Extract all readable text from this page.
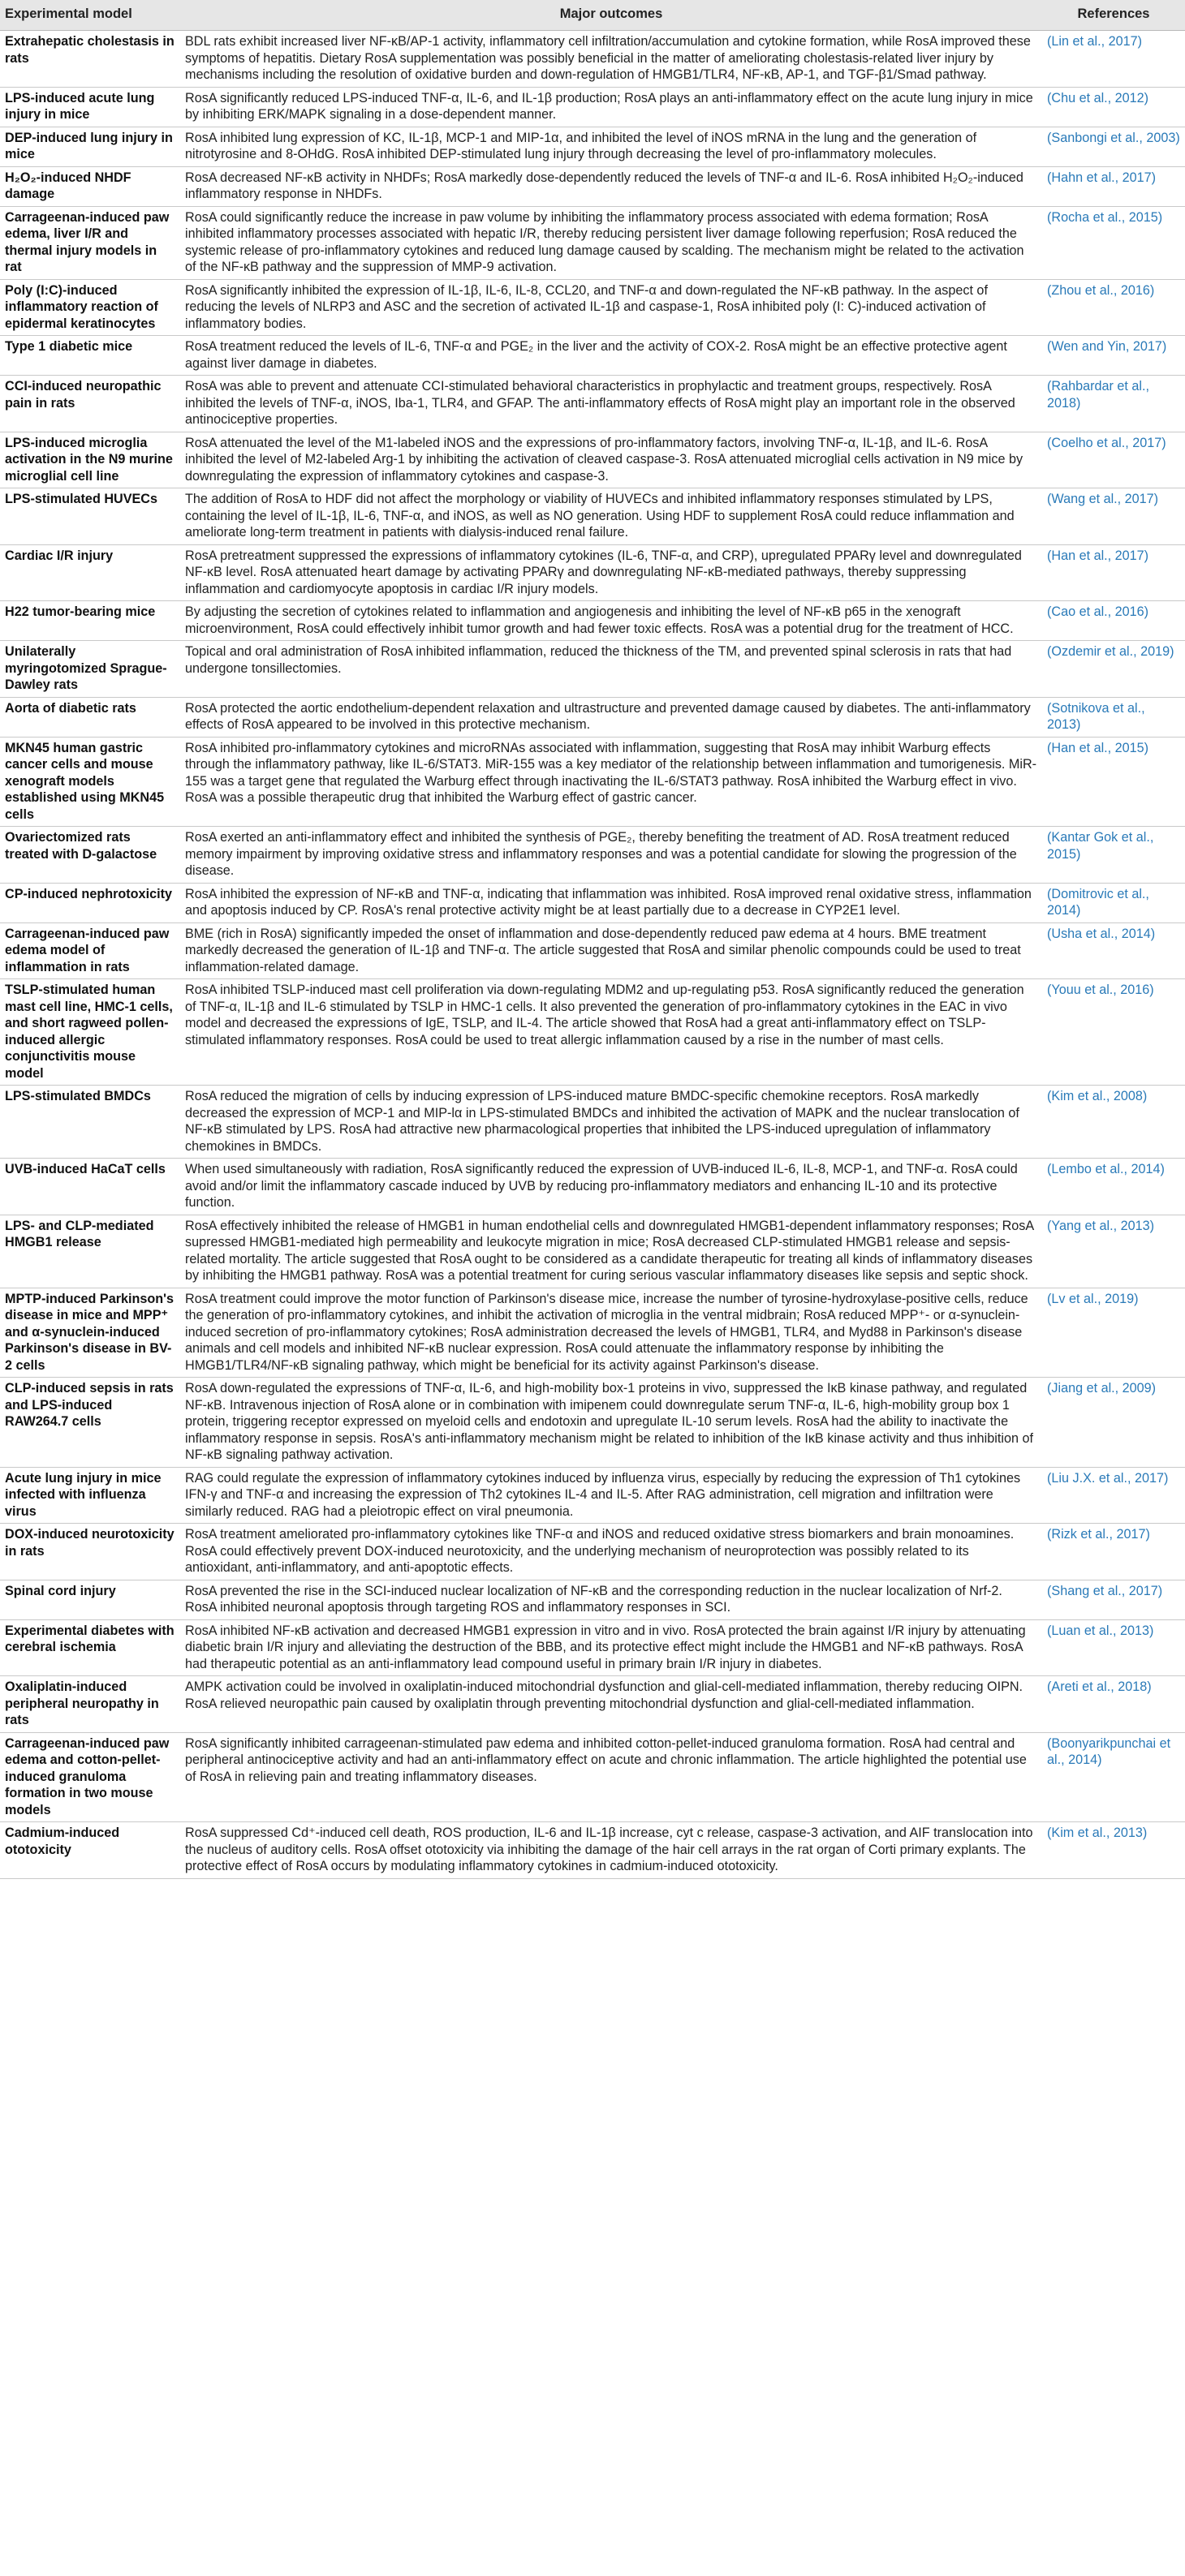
Experimental model	Major outcomes	References
Extrahepatic cholestasis in rats	BDL rats exhibit increased liver NF-κB/AP-1 activity, inflammatory cell infiltration/accumulation and cytokine formation, while RosA improved these symptoms of hepatitis. Dietary RosA supplementation was possibly beneficial in the matter of ameliorating cholestasis-related liver injury by mechanisms including the resolution of oxidative burden and down-regulation of HMGB1/TLR4, NF-κB, AP-1, and TGF-β1/Smad pathway.	(Lin et al., 2017)
LPS-induced acute lung injury in mice	RosA significantly reduced LPS-induced TNF-α, IL-6, and IL-1β production; RosA plays an anti-inflammatory effect on the acute lung injury in mice by inhibiting ERK/MAPK signaling in a dose-dependent manner.	(Chu et al., 2012)
DEP-induced lung injury in mice	RosA inhibited lung expression of KC, IL-1β, MCP-1 and MIP-1α, and inhibited the level of iNOS mRNA in the lung and the generation of nitrotyrosine and 8-OHdG. RosA inhibited DEP-stimulated lung injury through decreasing the level of pro-inflammatory molecules.	(Sanbongi et al., 2003)
H₂O₂-induced NHDF damage	RosA decreased NF-κB activity in NHDFs; RosA markedly dose-dependently reduced the levels of TNF-α and IL-6. RosA inhibited H₂O₂-induced inflammatory response in NHDFs.	(Hahn et al., 2017)
Carrageenan-induced paw edema, liver I/R and thermal injury models in rat	RosA could significantly reduce the increase in paw volume by inhibiting the inflammatory process associated with edema formation; RosA inhibited inflammatory processes associated with hepatic I/R, thereby reducing persistent liver damage following reperfusion; RosA reduced the systemic release of pro-inflammatory cytokines and reduced lung damage caused by scalding. The mechanism might be related to the activation of the NF-κB pathway and the suppression of MMP-9 activation.	(Rocha et al., 2015)
Poly (I:C)-induced inflammatory reaction of epidermal keratinocytes	RosA significantly inhibited the expression of IL-1β, IL-6, IL-8, CCL20, and TNF-α and down-regulated the NF-κB pathway. In the aspect of reducing the levels of NLRP3 and ASC and the secretion of activated IL-1β and caspase-1, RosA inhibited poly (I: C)-induced activation of inflammatory bodies.	(Zhou et al., 2016)
Type 1 diabetic mice	RosA treatment reduced the levels of IL-6, TNF-α and PGE₂ in the liver and the activity of COX-2. RosA might be an effective protective agent against liver damage in diabetes.	(Wen and Yin, 2017)
CCI-induced neuropathic pain in rats	RosA was able to prevent and attenuate CCI-stimulated behavioral characteristics in prophylactic and treatment groups, respectively. RosA inhibited the levels of TNF-α, iNOS, Iba-1, TLR4, and GFAP. The anti-inflammatory effects of RosA might play an important role in the observed antinociceptive properties.	(Rahbardar et al., 2018)
LPS-induced microglia activation in the N9 murine microglial cell line	RosA attenuated the level of the M1-labeled iNOS and the expressions of pro-inflammatory factors, involving TNF-α, IL-1β, and IL-6. RosA inhibited the level of M2-labeled Arg-1 by inhibiting the activation of cleaved caspase-3. RosA attenuated microglial cells activation in N9 mice by downregulating the expression of inflammatory cytokines and caspase-3.	(Coelho et al., 2017)
LPS-stimulated HUVECs	The addition of RosA to HDF did not affect the morphology or viability of HUVECs and inhibited inflammatory responses stimulated by LPS, containing the level of IL-1β, IL-6, TNF-α, and iNOS, as well as NO generation. Using HDF to supplement RosA could reduce inflammation and ameliorate long-term treatment in patients with dialysis-induced renal failure.	(Wang et al., 2017)
Cardiac I/R injury	RosA pretreatment suppressed the expressions of inflammatory cytokines (IL-6, TNF-α, and CRP), upregulated PPARγ level and downregulated NF-κB level. RosA attenuated heart damage by activating PPARγ and downregulating NF-κB-mediated pathways, thereby suppressing inflammation and cardiomyocyte apoptosis in cardiac I/R injury models.	(Han et al., 2017)
H22 tumor-bearing mice	By adjusting the secretion of cytokines related to inflammation and angiogenesis and inhibiting the level of NF-κB p65 in the xenograft microenvironment, RosA could effectively inhibit tumor growth and had fewer toxic effects. RosA was a potential drug for the treatment of HCC.	(Cao et al., 2016)
Unilaterally myringotomized Sprague-Dawley rats	Topical and oral administration of RosA inhibited inflammation, reduced the thickness of the TM, and prevented spinal sclerosis in rats that had undergone tonsillectomies.	(Ozdemir et al., 2019)
Aorta of diabetic rats	RosA protected the aortic endothelium-dependent relaxation and ultrastructure and prevented damage caused by diabetes. The anti-inflammatory effects of RosA appeared to be involved in this protective mechanism.	(Sotnikova et al., 2013)
MKN45 human gastric cancer cells and mouse xenograft models established using MKN45 cells	RosA inhibited pro-inflammatory cytokines and microRNAs associated with inflammation, suggesting that RosA may inhibit Warburg effects through the inflammatory pathway, like IL-6/STAT3. MiR-155 was a key mediator of the relationship between inflammation and tumorigenesis. MiR-155 was a target gene that regulated the Warburg effect through inactivating the IL-6/STAT3 pathway. RosA inhibited the Warburg effect in vivo. RosA was a possible therapeutic drug that inhibited the Warburg effect of gastric cancer.	(Han et al., 2015)
Ovariectomized rats treated with D-galactose	RosA exerted an anti-inflammatory effect and inhibited the synthesis of PGE₂, thereby benefiting the treatment of AD. RosA treatment reduced memory impairment by improving oxidative stress and inflammatory responses and was a potential candidate for slowing the progression of the disease.	(Kantar Gok et al., 2015)
CP-induced nephrotoxicity	RosA inhibited the expression of NF-κB and TNF-α, indicating that inflammation was inhibited. RosA improved renal oxidative stress, inflammation and apoptosis induced by CP. RosA's renal protective activity might be at least partially due to a decrease in CYP2E1 level.	(Domitrovic et al., 2014)
Carrageenan-induced paw edema model of inflammation in rats	BME (rich in RosA) significantly impeded the onset of inflammation and dose-dependently reduced paw edema at 4 hours. BME treatment markedly decreased the generation of IL-1β and TNF-α. The article suggested that RosA and similar phenolic compounds could be used to treat inflammation-related damage.	(Usha et al., 2014)
TSLP-stimulated human mast cell line, HMC-1 cells, and short ragweed pollen-induced allergic conjunctivitis mouse model	RosA inhibited TSLP-induced mast cell proliferation via down-regulating MDM2 and up-regulating p53. RosA significantly reduced the generation of TNF-α, IL-1β and IL-6 stimulated by TSLP in HMC-1 cells. It also prevented the generation of pro-inflammatory cytokines in the EAC in vivo model and decreased the expressions of IgE, TSLP, and IL-4. The article showed that RosA had a great anti-inflammatory effect on TSLP-stimulated inflammatory responses. RosA could be used to treat allergic inflammation caused by a rise in the number of mast cells.	(Youu et al., 2016)
LPS-stimulated BMDCs	RosA reduced the migration of cells by inducing expression of LPS-induced mature BMDC-specific chemokine receptors. RosA markedly decreased the expression of MCP-1 and MIP-lα in LPS-stimulated BMDCs and inhibited the activation of MAPK and the nuclear translocation of NF-κB stimulated by LPS. RosA had attractive new pharmacological properties that inhibited the LPS-induced upregulation of inflammatory chemokines in BMDCs.	(Kim et al., 2008)
UVB-induced HaCaT cells	When used simultaneously with radiation, RosA significantly reduced the expression of UVB-induced IL-6, IL-8, MCP-1, and TNF-α. RosA could avoid and/or limit the inflammatory cascade induced by UVB by reducing pro-inflammatory mediators and enhancing IL-10 and its protective function.	(Lembo et al., 2014)
LPS- and CLP-mediated HMGB1 release	RosA effectively inhibited the release of HMGB1 in human endothelial cells and downregulated HMGB1-dependent inflammatory responses; RosA supressed HMGB1-mediated high permeability and leukocyte migration in mice; RosA decreased CLP-stimulated HMGB1 release and sepsis-related mortality. The article suggested that RosA ought to be considered as a candidate therapeutic for treating all kinds of inflammatory diseases by inhibiting the HMGB1 pathway. RosA was a potential treatment for curing serious vascular inflammatory diseases like sepsis and septic shock.	(Yang et al., 2013)
MPTP-induced Parkinson's disease in mice and MPP⁺ and α-synuclein-induced Parkinson's disease in BV-2 cells	RosA treatment could improve the motor function of Parkinson's disease mice, increase the number of tyrosine-hydroxylase-positive cells, reduce the generation of pro-inflammatory cytokines, and inhibit the activation of microglia in the ventral midbrain; RosA reduced MPP⁺- or α-synuclein-induced secretion of pro-inflammatory cytokines; RosA administration decreased the levels of HMGB1, TLR4, and Myd88 in Parkinson's disease animals and cell models and inhibited NF-κB nuclear expression. RosA could attenuate the inflammatory response by inhibiting the HMGB1/TLR4/NF-κB signaling pathway, which might be beneficial for its activity against Parkinson's disease.	(Lv et al., 2019)
CLP-induced sepsis in rats and LPS-induced RAW264.7 cells	RosA down-regulated the expressions of TNF-α, IL-6, and high-mobility box-1 proteins in vivo, suppressed the IκB kinase pathway, and regulated NF-κB. Intravenous injection of RosA alone or in combination with imipenem could downregulate serum TNF-α, IL-6, high-mobility group box 1 protein, triggering receptor expressed on myeloid cells and endotoxin and upregulate IL-10 serum levels. RosA had the ability to inactivate the inflammatory response in sepsis. RosA's anti-inflammatory mechanism might be related to inhibition of the IκB kinase activity and thus inhibition of NF-κB signaling pathway activation.	(Jiang et al., 2009)
Acute lung injury in mice infected with influenza virus	RAG could regulate the expression of inflammatory cytokines induced by influenza virus, especially by reducing the expression of Th1 cytokines IFN-γ and TNF-α and increasing the expression of Th2 cytokines IL-4 and IL-5. After RAG administration, cell migration and infiltration were similarly reduced. RAG had a pleiotropic effect on viral pneumonia.	(Liu J.X. et al., 2017)
DOX-induced neurotoxicity in rats	RosA treatment ameliorated pro-inflammatory cytokines like TNF-α and iNOS and reduced oxidative stress biomarkers and brain monoamines. RosA could effectively prevent DOX-induced neurotoxicity, and the underlying mechanism of neuroprotection was possibly related to its antioxidant, anti-inflammatory, and anti-apoptotic effects.	(Rizk et al., 2017)
Spinal cord injury	RosA prevented the rise in the SCI-induced nuclear localization of NF-κB and the corresponding reduction in the nuclear localization of Nrf-2. RosA inhibited neuronal apoptosis through targeting ROS and inflammatory responses in SCI.	(Shang et al., 2017)
Experimental diabetes with cerebral ischemia	RosA inhibited NF-κB activation and decreased HMGB1 expression in vitro and in vivo. RosA protected the brain against I/R injury by attenuating diabetic brain I/R injury and alleviating the destruction of the BBB, and its protective effect might include the HMGB1 and NF-κB pathways. RosA had therapeutic potential as an anti-inflammatory lead compound useful in primary brain I/R injury in diabetes.	(Luan et al., 2013)
Oxaliplatin-induced peripheral neuropathy in rats	AMPK activation could be involved in oxaliplatin-induced mitochondrial dysfunction and glial-cell-mediated inflammation, thereby reducing OIPN. RosA relieved neuropathic pain caused by oxaliplatin through preventing mitochondrial dysfunction and glial-cell-mediated inflammation.	(Areti et al., 2018)
Carrageenan-induced paw edema and cotton-pellet-induced granuloma formation in two mouse models	RosA significantly inhibited carrageenan-stimulated paw edema and inhibited cotton-pellet-induced granuloma formation. RosA had central and peripheral antinociceptive activity and had an anti-inflammatory effect on acute and chronic inflammation. The article highlighted the potential use of RosA in relieving pain and treating inflammatory diseases.	(Boonyarikpunchai et al., 2014)
Cadmium-induced ototoxicity	RosA suppressed Cd⁺-induced cell death, ROS production, IL-6 and IL-1β increase, cyt c release, caspase-3 activation, and AIF translocation into the nucleus of auditory cells. RosA offset ototoxicity via inhibiting the damage of the hair cell arrays in the rat organ of Corti primary explants. The protective effect of RosA occurs by modulating inflammatory cytokines in cadmium-induced ototoxicity.	(Kim et al., 2013)
